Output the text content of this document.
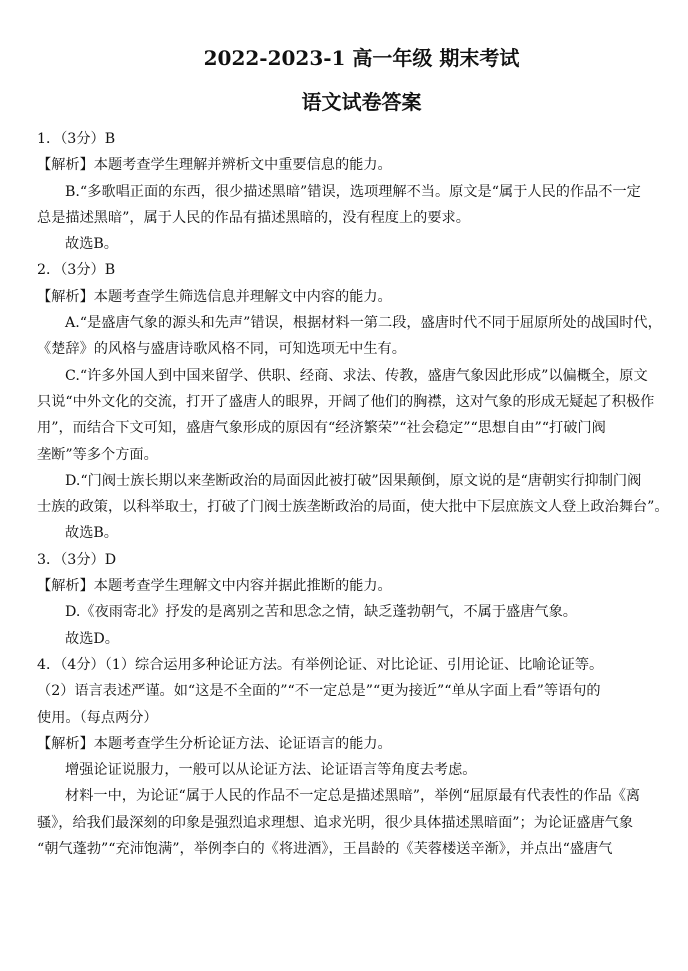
2022-2023-1 高一年级 期末考试
语文试卷答案
1．（3分）B
【解析】本题考查学生理解并辨析文中重要信息的能力。
B.“多歌唱正面的东西，很少描述黑暗”错误，选项理解不当。原文是“属于人民的作品不一定
总是描述黑暗”，属于人民的作品有描述黑暗的，没有程度上的要求。
故选B。
2．（3分）B
【解析】本题考查学生筛选信息并理解文中内容的能力。
A.“是盛唐气象的源头和先声”错误，根据材料一第二段，盛唐时代不同于屈原所处的战国时代，
《楚辞》的风格与盛唐诗歌风格不同，可知选项无中生有。
C.“许多外国人到中国来留学、供职、经商、求法、传教，盛唐气象因此形成”以偏概全，原文
只说“中外文化的交流，打开了盛唐人的眼界，开阔了他们的胸襟，这对气象的形成无疑起了积极作
用”，而结合下文可知，盛唐气象形成的原因有“经济繁荣”“社会稳定”“思想自由”“打破门阀
垄断”等多个方面。
D.“门阀士族长期以来垄断政治的局面因此被打破”因果颠倒，原文说的是“唐朝实行抑制门阀
士族的政策，以科举取士，打破了门阀士族垄断政治的局面，使大批中下层庶族文人登上政治舞台”。
故选B。
3．（3分）D
【解析】本题考查学生理解文中内容并据此推断的能力。
D.《夜雨寄北》抒发的是离别之苦和思念之情，缺乏蓬勃朝气，不属于盛唐气象。
故选D。
4．（4分）（1）综合运用多种论证方法。有举例论证、对比论证、引用论证、比喻论证等。
（2）语言表述严谨。如“这是不全面的”“不一定总是”“更为接近”“单从字面上看”等语句的
使用。（每点两分）
【解析】本题考查学生分析论证方法、论证语言的能力。
增强论证说服力，一般可以从论证方法、论证语言等角度去考虑。
材料一中，为论证“属于人民的作品不一定总是描述黑暗”，举例“屈原最有代表性的作品《离
骚》，给我们最深刻的印象是强烈追求理想、追求光明，很少具体描述黑暗面”；为论证盛唐气象
“朝气蓬勃”“充沛饱满”，举例李白的《将进酒》，王昌龄的《芙蓉楼送辛渐》，并点出“盛唐气
